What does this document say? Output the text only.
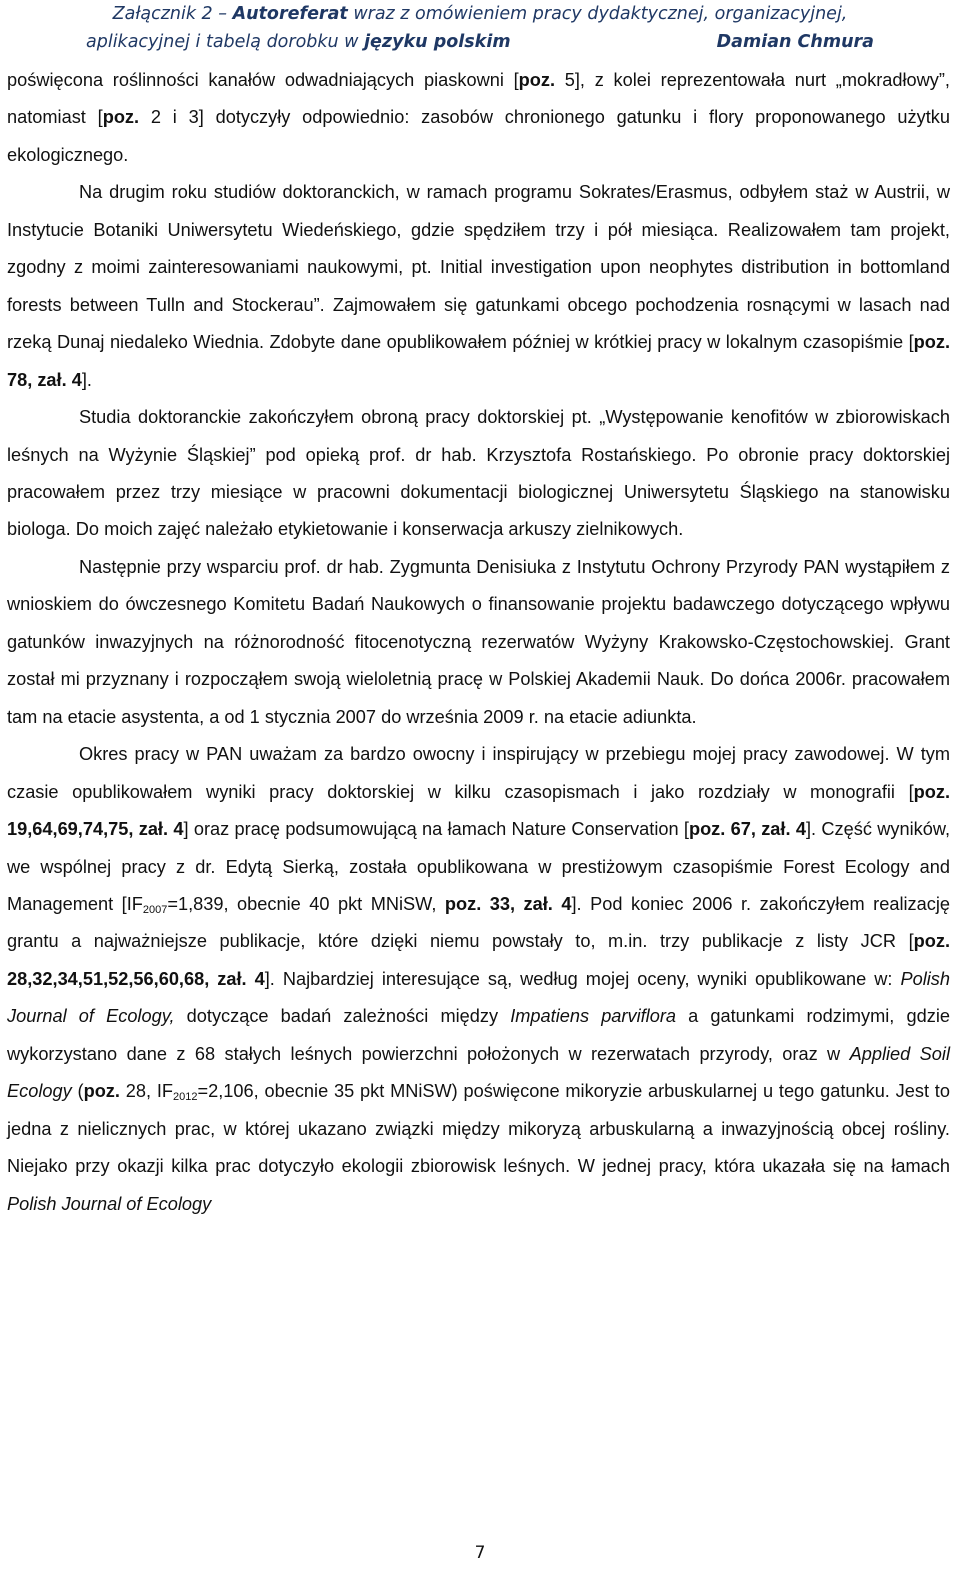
Załącznik 2 – Autoreferat wraz z omówieniem pracy dydaktycznej, organizacyjnej,
aplikacyjnej i tabelą dorobku w języku polskim	Damian Chmura

poświęcona roślinności kanałów odwadniających piaskowni [poz. 5], z kolei reprezentowała nurt „mokradłowy”, natomiast [poz. 2 i 3] dotyczyły odpowiednio: zasobów chronionego gatunku i flory proponowanego użytku ekologicznego.

Na drugim roku studiów doktoranckich, w ramach programu Sokrates/Erasmus, odbyłem staż w Austrii, w Instytucie Botaniki Uniwersytetu Wiedeńskiego, gdzie spędziłem trzy i pół miesiąca. Realizowałem tam projekt, zgodny z moimi zainteresowaniami naukowymi, pt. Initial investigation upon neophytes distribution in bottomland forests between Tulln and Stockerau”. Zajmowałem się gatunkami obcego pochodzenia rosnącymi w lasach nad rzeką Dunaj niedaleko Wiednia. Zdobyte dane opublikowałem później w krótkiej pracy w lokalnym czasopiśmie [poz. 78, zał. 4].

Studia doktoranckie zakończyłem obroną pracy doktorskiej pt. „Występowanie kenofitów w zbiorowiskach leśnych na Wyżynie Śląskiej” pod opieką prof. dr hab. Krzysztofa Rostańskiego. Po obronie pracy doktorskiej pracowałem przez trzy miesiące w pracowni dokumentacji biologicznej Uniwersytetu Śląskiego na stanowisku biologa. Do moich zajęć należało etykietowanie i konserwacja arkuszy zielnikowych.

Następnie przy wsparciu prof. dr hab. Zygmunta Denisiuka z Instytutu Ochrony Przyrody PAN wystąpiłem z wnioskiem do ówczesnego Komitetu Badań Naukowych o finansowanie projektu badawczego dotyczącego wpływu gatunków inwazyjnych na różnorodność fitocenotyczną rezerwatów Wyżyny Krakowsko-Częstochowskiej. Grant został mi przyznany i rozpocząłem swoją wieloletnią pracę w Polskiej Akademii Nauk. Do dońca 2006r. pracowałem tam na etacie asystenta, a od 1 stycznia 2007 do września 2009 r. na etacie adiunkta.

Okres pracy w PAN uważam za bardzo owocny i inspirujący w przebiegu mojej pracy zawodowej. W tym czasie opublikowałem wyniki pracy doktorskiej w kilku czasopismach i jako rozdziały w monografii [poz. 19,64,69,74,75, zał. 4] oraz pracę podsumowującą na łamach Nature Conservation [poz. 67, zał. 4]. Część wyników, we wspólnej pracy z dr. Edytą Sierką, została opublikowana w prestiżowym czasopiśmie Forest Ecology and Management [$IF_{2007}=1,839$, obecnie 40 pkt MNiSW, poz. 33, zał. 4]. Pod koniec 2006 r. zakończyłem realizację grantu a najważniejsze publikacje, które dzięki niemu powstały to, m.in. trzy publikacje z listy JCR [poz. 28,32,34,51,52,56,60,68, zał. 4]. Najbardziej interesujące są, według mojej oceny, wyniki opublikowane w: Polish Journal of Ecology, dotyczące badań zależności między Impatiens parviflora a gatunkami rodzimymi, gdzie wykorzystano dane z 68 stałych leśnych powierzchni położonych w rezerwatach przyrody, oraz w Applied Soil Ecology (poz. 28, $IF_{2012}=2,106$, obecnie 35 pkt MNiSW) poświęcone mikoryzie arbuskularnej u tego gatunku. Jest to jedna z nielicznych prac, w której ukazano związki między mikoryzą arbuskularną a inwazyjnością obcej rośliny. Niejako przy okazji kilka prac dotyczyło ekologii zbiorowisk leśnych. W jednej pracy, która ukazała się na łamach Polish Journal of Ecology

7
